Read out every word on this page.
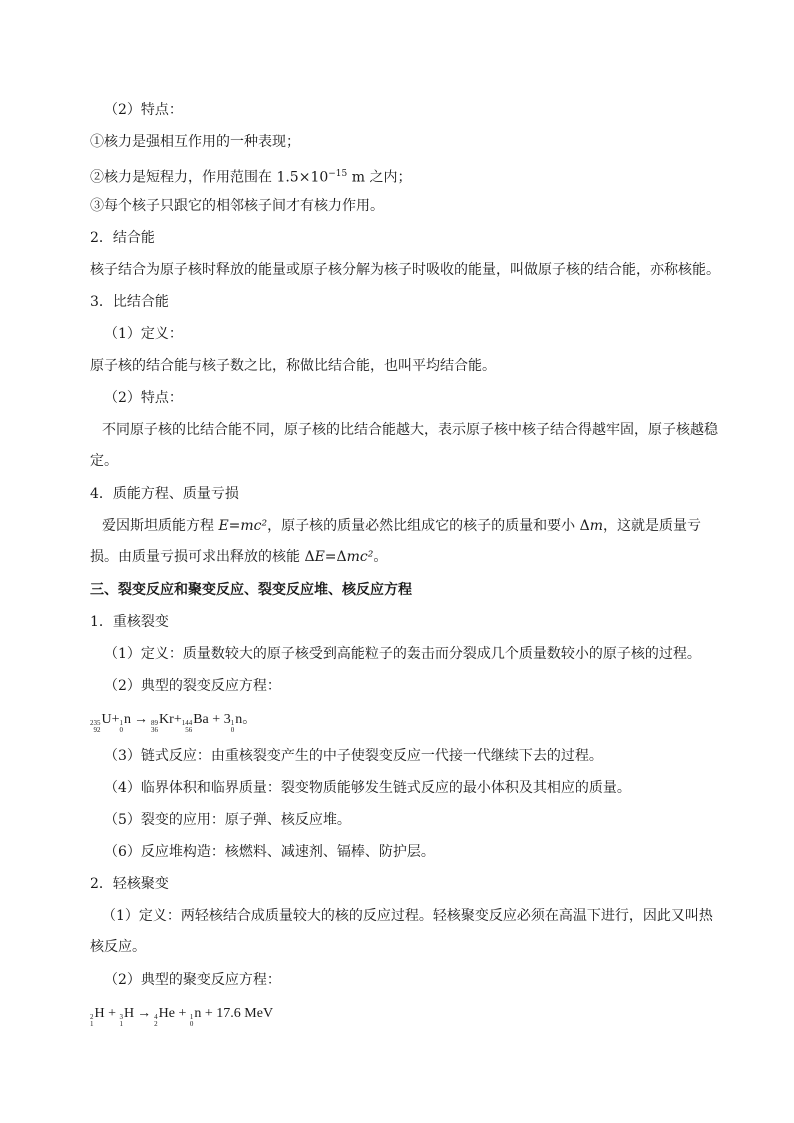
（2）特点：
①核力是强相互作用的一种表现；
②核力是短程力，作用范围在 $1.5\times 10^{-15}$ m 之内；
③每个核子只跟它的相邻核子间才有核力作用。
2．结合能
核子结合为原子核时释放的能量或原子核分解为核子时吸收的能量，叫做原子核的结合能，亦称核能。
3．比结合能
（1）定义：
原子核的结合能与核子数之比，称做比结合能，也叫平均结合能。
（2）特点：
不同原子核的比结合能不同，原子核的比结合能越大，表示原子核中核子结合得越牢固，原子核越稳定。
4．质能方程、质量亏损
爱因斯坦质能方程 E=mc²，原子核的质量必然比组成它的核子的质量和要小 Δm，这就是质量亏损。由质量亏损可求出释放的核能 ΔE=Δmc²。
三、裂变反应和聚变反应、裂变反应堆、核反应方程
1．重核裂变
（1）定义：质量数较大的原子核受到高能粒子的轰击而分裂成几个质量数较小的原子核的过程。
（2）典型的裂变反应方程：
235
92
U+ 1
0
n → 89
36
Kr+ 144
56
Ba + 3 1
0
n。
（3）链式反应：由重核裂变产生的中子使裂变反应一代接一代继续下去的过程。
（4）临界体积和临界质量：裂变物质能够发生链式反应的最小体积及其相应的质量。
（5）裂变的应用：原子弹、核反应堆。
（6）反应堆构造：核燃料、减速剂、镉棒、防护层。
2．轻核聚变
（1）定义：两轻核结合成质量较大的核的反应过程。轻核聚变反应必须在高温下进行，因此又叫热核反应。
（2）典型的聚变反应方程：
2
1
H + 3
1
H → 4
2
He + 1
0
n + 17.6 MeV
